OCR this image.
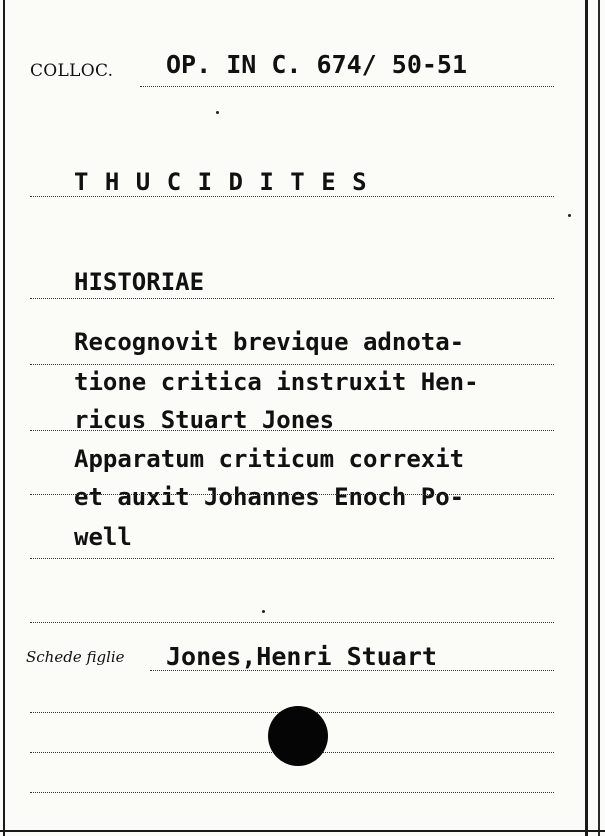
COLLOC. OP. IN C. 674/ 50-51

T H U C I D I T E S

HISTORIAE

Recognovit brevique adnota-

tione critica instruxit Hen-

ricus Stuart Jones

Apparatum criticum correxit

et auxit Johannes Enoch Po-

well

Schede figlie Jones,Henri Stuart
